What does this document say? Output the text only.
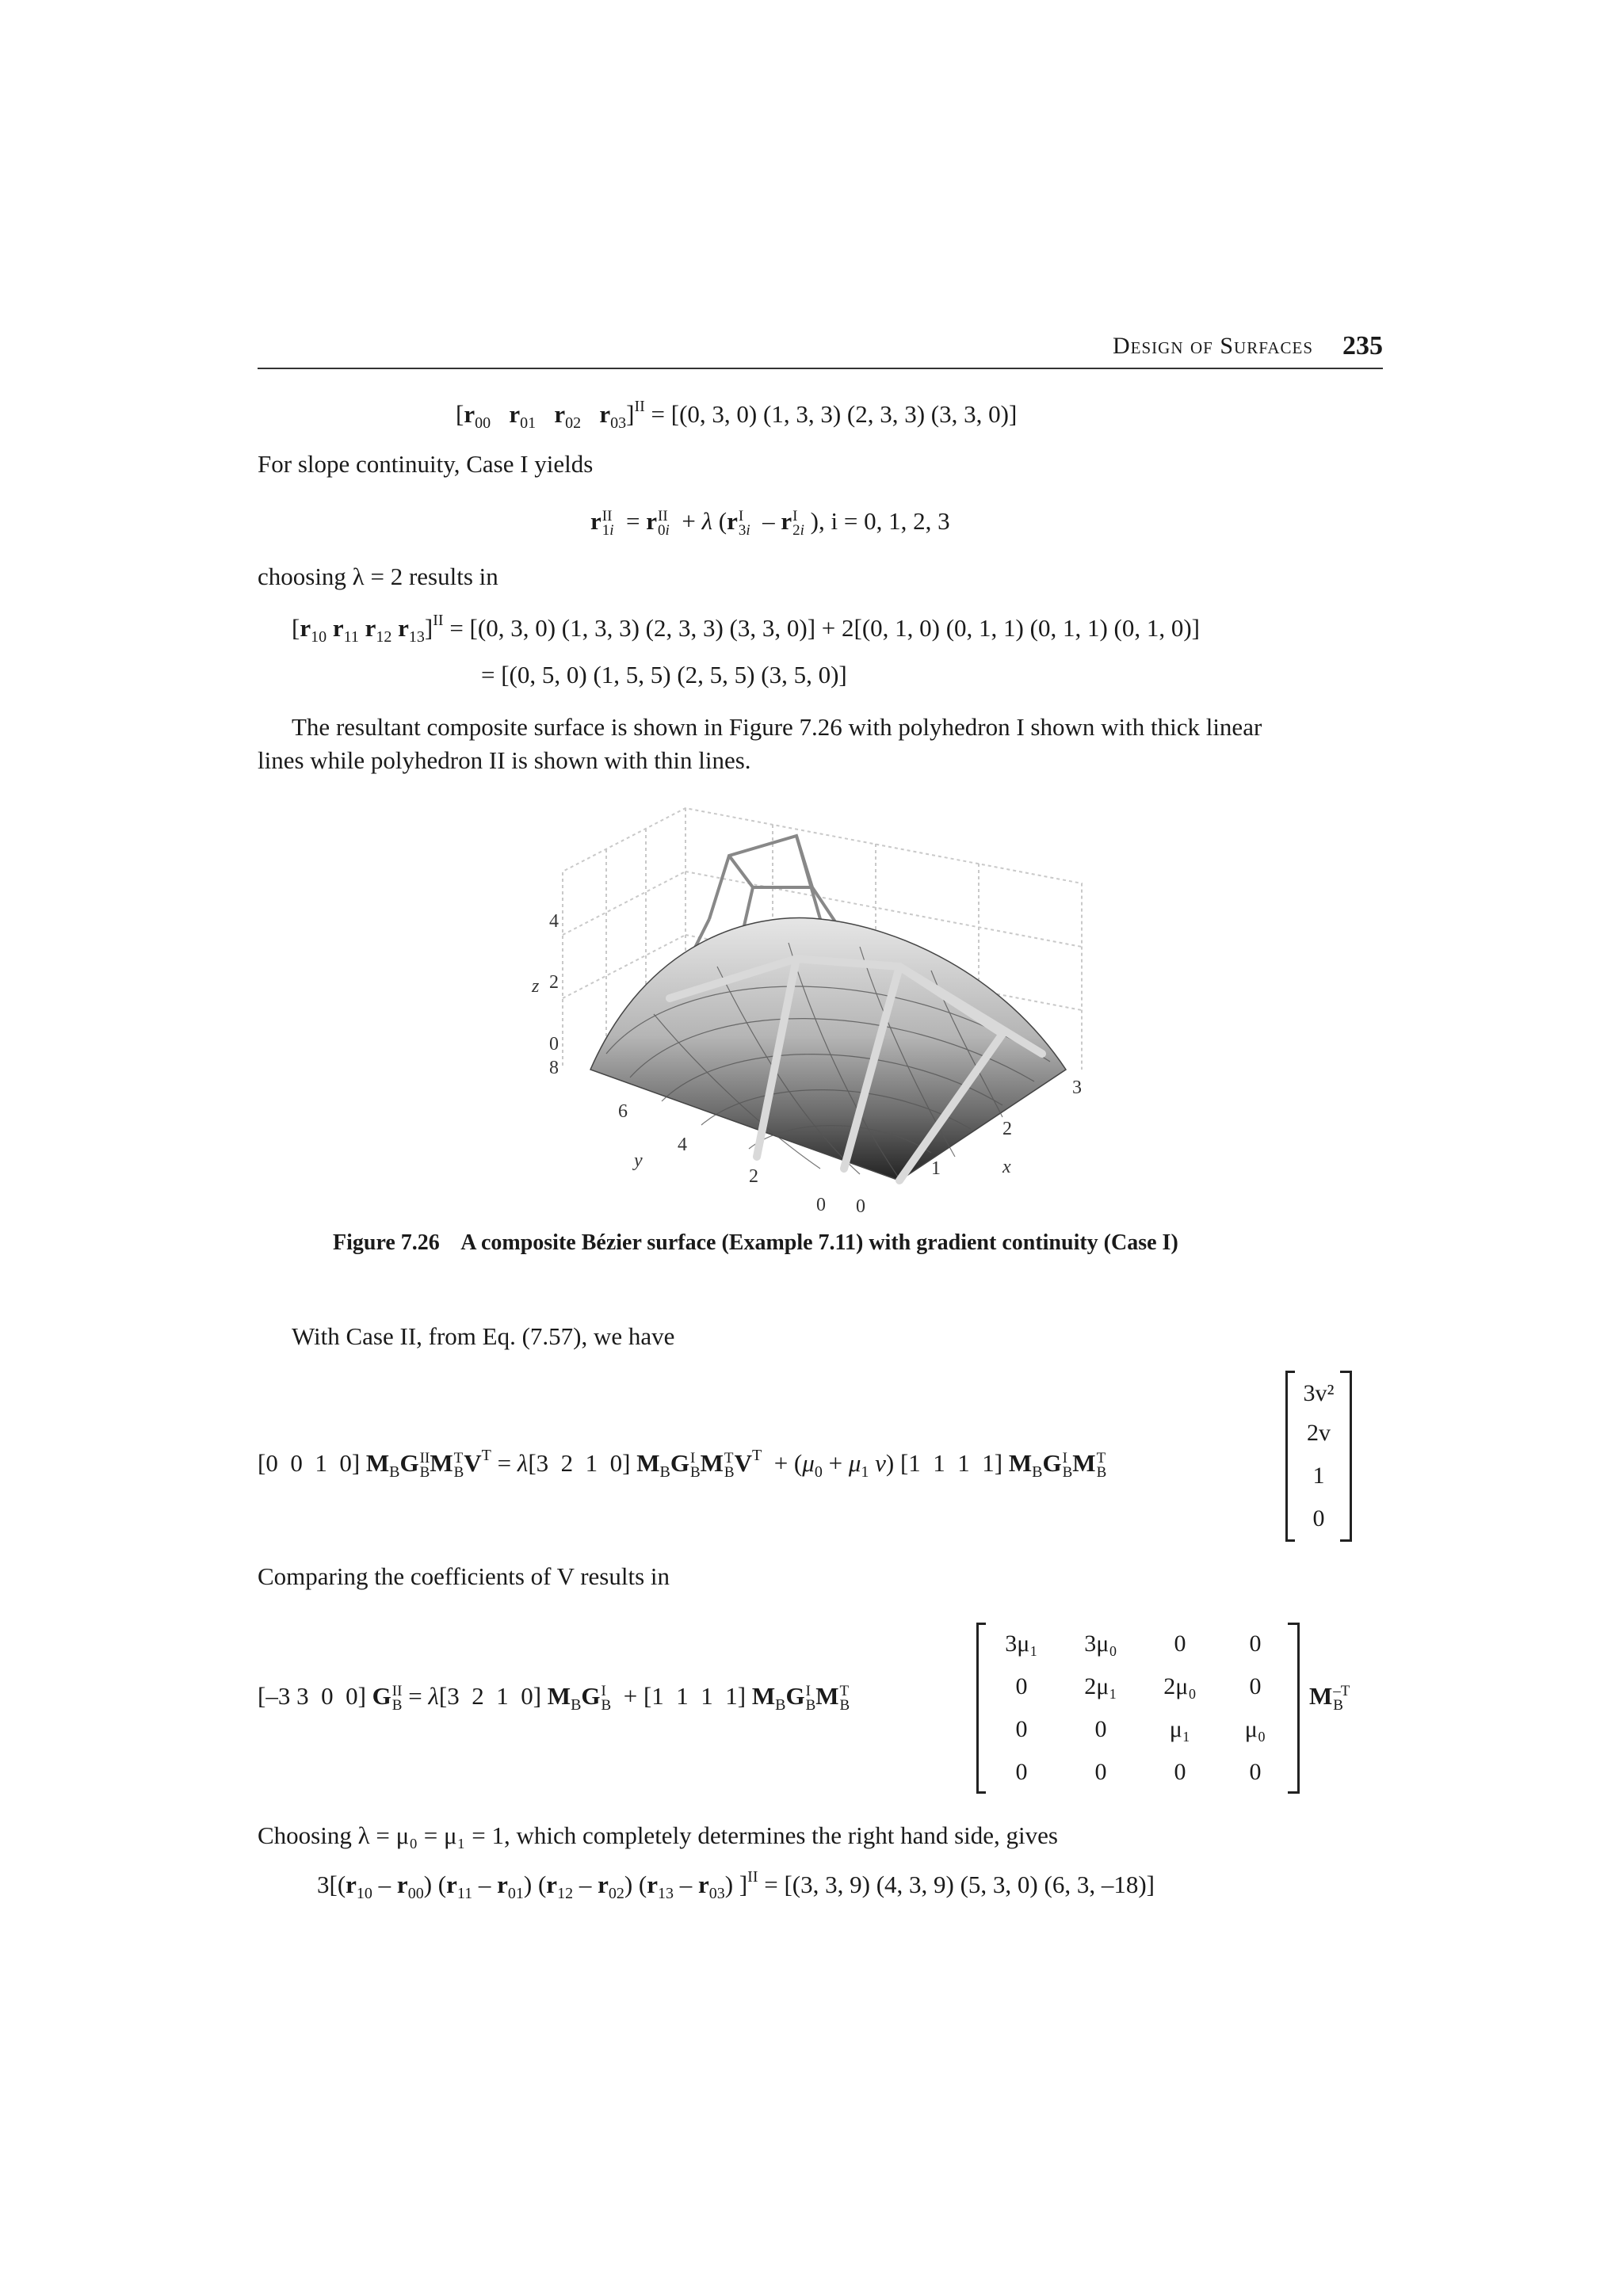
Design of Surfaces 235
[$r_{00}$ $r_{01}$ $r_{02}$ $r_{03}]^{II} = [(0$, 3, 0) (1, 3, 3) (2, 3, 3) (3, 3, 0)]
For slope continuity, Case I yields
r II
1i = r II
0i + λ (r I
3i – r I
2i ), i = 0, 1, 2, 3
choosing λ = 2 results in
[$r_{10}$ $r_{11}$ $r_{12}$ $r_{13}]^{II} = [(0$, 3, 0) (1, 3, 3) (2, 3, 3) (3, 3, 0)] + 2[(0, 1, 0) (0, 1, 1) (0, 1, 1) (0, 1, 0)]
= [(0, 5, 0) (1, 5, 5) (2, 5, 5) (3, 5, 0)]
The resultant composite surface is shown in Figure 7.26 with polyhedron I shown with thick linear
lines while polyhedron II is shown with thin lines.
4
2
0
z
8
6
4
2
0
y
0
1
2
3
x
Figure 7.26 A composite Bézier surface (Example 7.11) with gradient continuity (Case I)
With Case II, from Eq. (7.57), we have
[0  0  1  0] $M_BG$ II
B M T
B $V^T = \lambda[3$  2  1  0] $M_BG$ I
B M T
B $V^T + (\mu_0 + \mu_1$ v) [1  1  1  1] $M_BG$ I
B M T
B
3v²
2v
1
0
Comparing the coefficients of V results in
[–3 3  0  0] G II
B = λ[3  2  1  0] $M_BG$ I
B + [1  1  1  1] $M_BG$ I
B M T
B
3μ₁	3μ₀	0	0
0	2μ₁	2μ₀	0
0	0	μ₁	μ₀
0	0	0	0
M –T
B
Choosing λ = μ₀ = μ₁ = 1, which completely determines the right hand side, gives
$3[(r_{10} - r_{00})$ $(r_{11} - r_{01})$ $(r_{12} - r_{02})$ $(r_{13} - r_{03}) ]^{II} = [(3$, 3, 9) (4, 3, 9) (5, 3, 0) (6, 3, –18)]
